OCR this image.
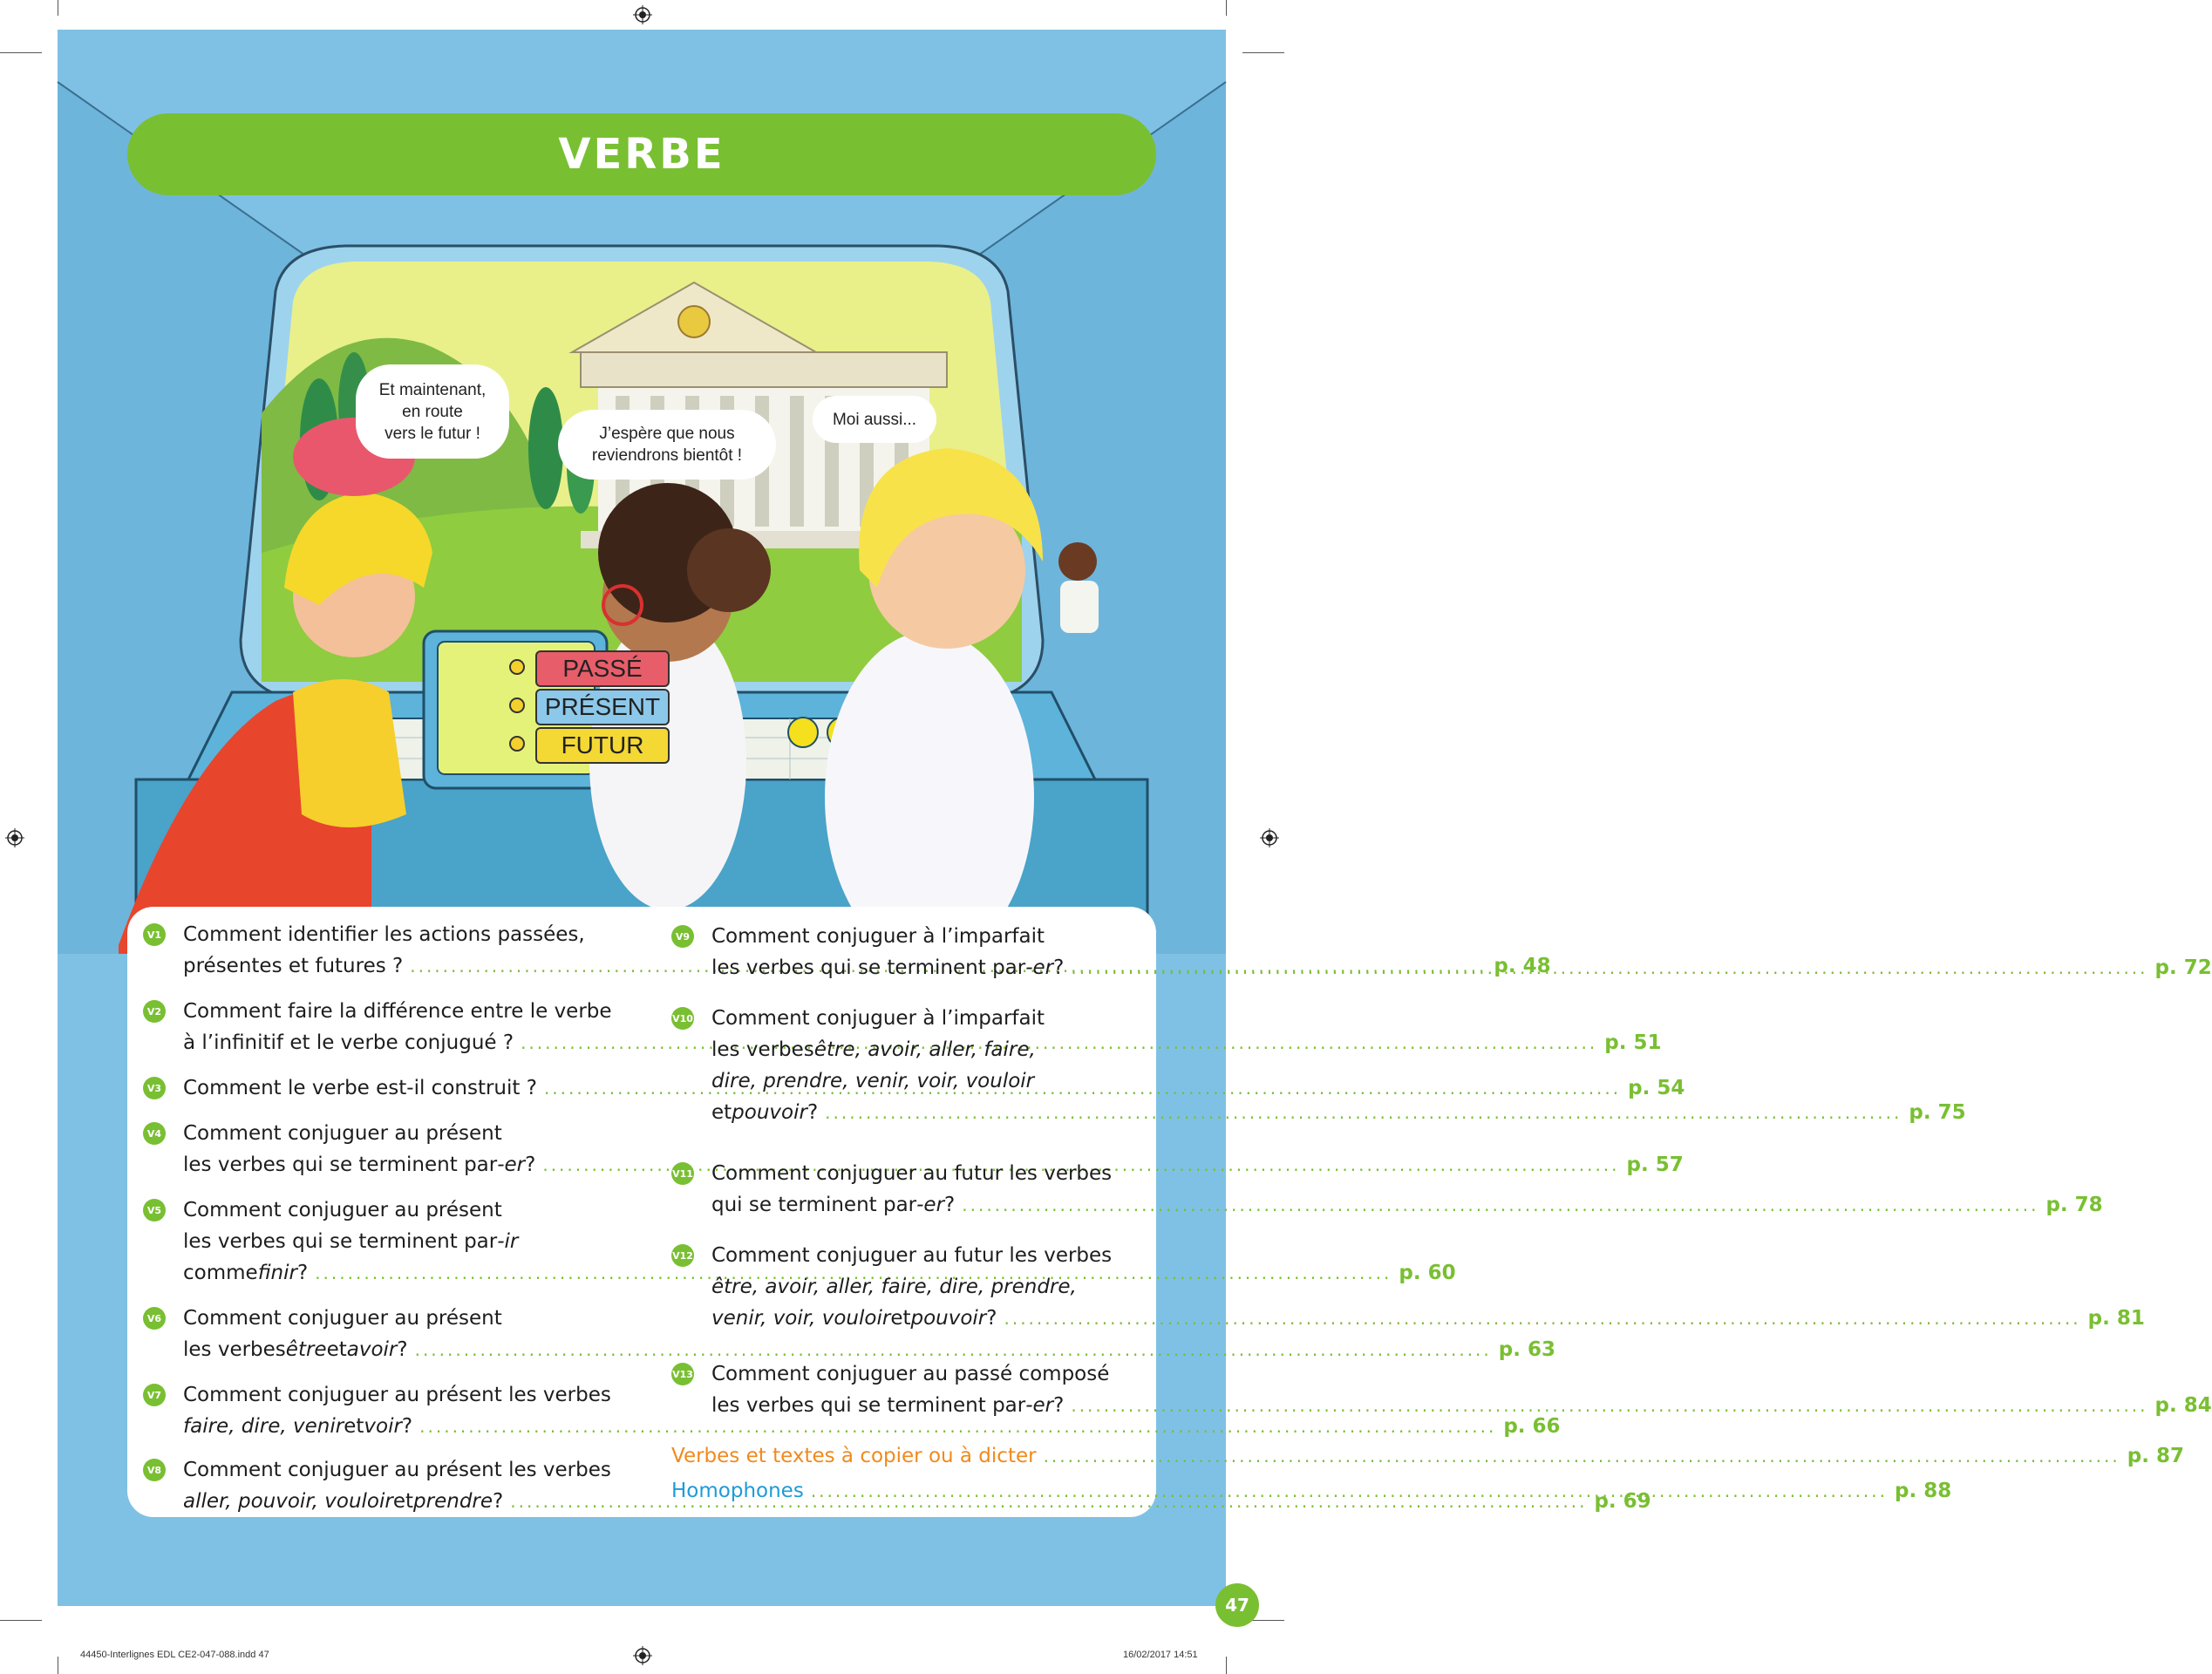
VERBE
Et maintenant,
en route
vers le futur !	J’espère que nous
reviendrons bientôt !
Moi aussi...
PASSÉ
PRÉSENT
FUTUR
47
V1 Comment identifier les actions passées,
présentes et futures ? .....	p. 48
V2 Comment faire la différence entre le verbe
à l’infinitif et le verbe conjugué ? .....	p. 51
V3 Comment le verbe est-il construit ? .....	p. 54
V4 Comment conjuguer au présent
les verbes qui se terminent par -er ? .....	p. 57
V5 Comment conjuguer au présent
les verbes qui se terminent par -ir
comme finir ? .....	p. 60
V6 Comment conjuguer au présent
les verbes être et avoir ? .....	p. 63
V7 Comment conjuguer au présent les verbes
faire, dire, venir et voir ? .....	p. 66
V8 Comment conjuguer au présent les verbes
aller, pouvoir, vouloir et prendre ? .....	p. 69
V9 Comment conjuguer à l’imparfait
les verbes qui se terminent par -er ? .....	p. 72
V10 Comment conjuguer à l’imparfait
les verbes être, avoir, aller, faire,
dire, prendre, venir, voir, vouloir
et pouvoir ? .....	p. 75
V11 Comment conjuguer au futur les verbes
qui se terminent par -er ? .....	p. 78
V12 Comment conjuguer au futur les verbes
être, avoir, aller, faire, dire, prendre,
venir, voir, vouloir et pouvoir ? .....	p. 81
V13 Comment conjuguer au passé composé
les verbes qui se terminent par -er ? .....	p. 84
Verbes et textes à copier ou à dicter .....	p. 87
Homophones .....	p. 88
44450-Interlignes EDL CE2-047-088.indd 47	16/02/2017 14:51
